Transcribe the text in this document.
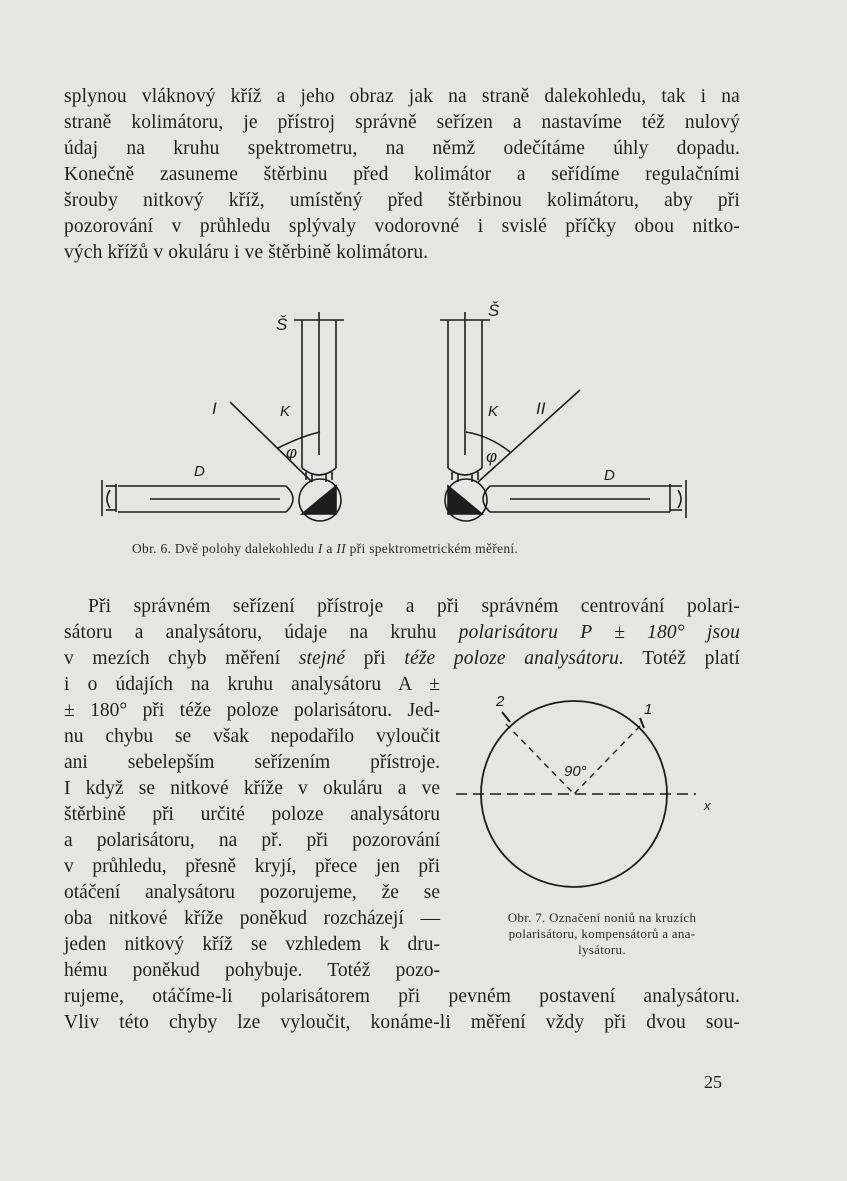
splynou vláknový kříž a jeho obraz jak na straně dalekohledu, tak i na
straně kolimátoru, je přístroj správně seřízen a nastavíme též nulový
údaj na kruhu spektrometru, na němž odečítáme úhly dopadu.
Konečně zasuneme štěrbinu před kolimátor a seřídíme regulačními
šrouby nitkový kříž, umístěný před štěrbinou kolimátoru, aby při
pozorování v průhledu splývaly vodorovné i svislé příčky obou nitko-
vých křížů v okuláru i ve štěrbině kolimátoru.
Š
Š
I	II
K	K
φ	φ
D	D
Obr. 6. Dvě polohy dalekohledu I a II při spektrometrickém měření.
Při správném seřízení přístroje a při správném centrování polari-
sátoru a analysátoru, údaje na kruhu polarisátoru P ± 180° jsou
v mezích chyb měření stejné při téže poloze analysátoru. Totéž platí
i o údajích na kruhu analysátoru A ±
± 180° při téže poloze polarisátoru. Jed-
nu chybu se však nepodařilo vyloučit
ani sebelepším seřízením přístroje.
I když se nitkové kříže v okuláru a ve
štěrbině při určité poloze analysátoru
a polarisátoru, na př. při pozorování
v průhledu, přesně kryjí, přece jen při
otáčení analysátoru pozorujeme, že se
oba nitkové kříže poněkud rozcházejí —
jeden nitkový kříž se vzhledem k dru-
hému poněkud pohybuje. Totéž pozo-
2	1
90°
x
Obr. 7. Označení noniů na kruzích
polarisátoru, kompensátorů a ana-
lysátoru.
rujeme, otáčíme-li polarisátorem při pevném postavení analysátoru.
Vliv této chyby lze vyloučit, konáme-li měření vždy při dvou sou-
25
